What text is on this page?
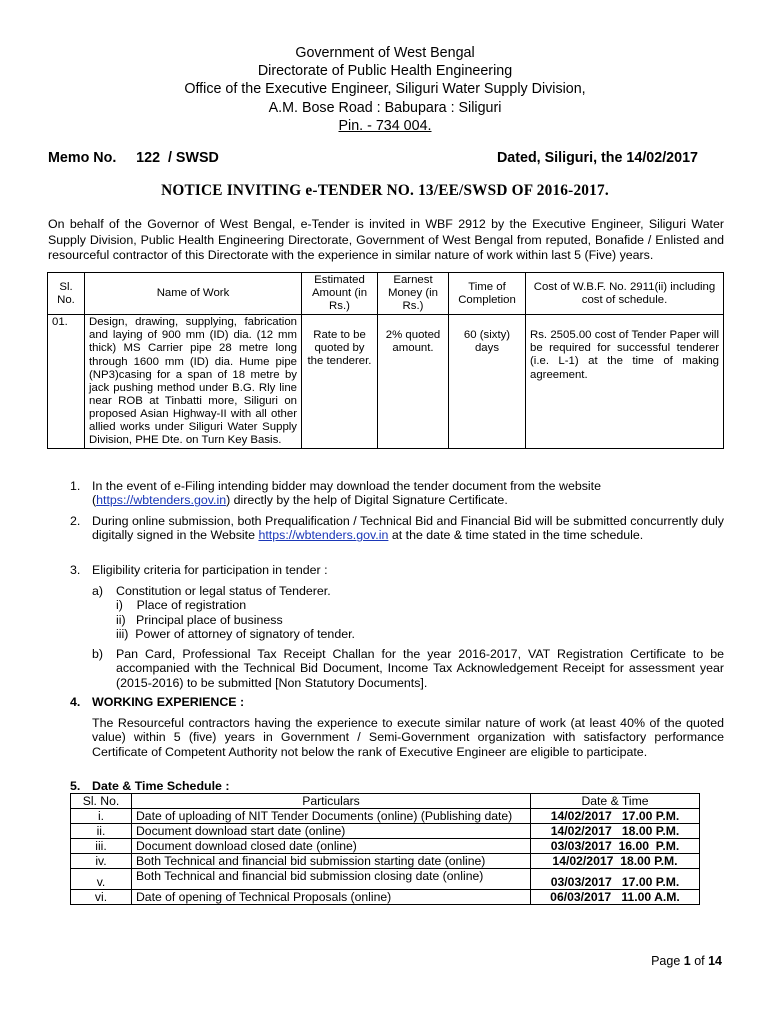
Government of West Bengal
Directorate of Public Health Engineering
Office of the Executive Engineer, Siliguri Water Supply Division,
A.M. Bose Road : Babupara : Siliguri
Pin. - 734 004.
Memo No.     122  / SWSD	Dated, Siliguri, the 14/02/2017
NOTICE INVITING e-TENDER NO. 13/EE/SWSD OF 2016-2017.
On behalf of the Governor of West Bengal, e-Tender is invited in WBF 2912 by the Executive Engineer, Siliguri Water Supply Division, Public Health Engineering Directorate, Government of West Bengal from reputed, Bonafide / Enlisted and resourceful contractor of this Directorate with the experience in similar nature of work within last 5 (Five) years.
Sl. No.	Name of Work	Estimated Amount (in Rs.)	Earnest Money (in Rs.)	Time of Completion	Cost of W.B.F. No. 2911(ii) including cost of schedule.
01.	Design, drawing, supplying, fabrication and laying of 900 mm (ID) dia. (12 mm thick) MS Carrier pipe 28 metre long through 1600 mm (ID) dia. Hume pipe (NP3)casing for a span of 18 metre by jack pushing method under B.G. Rly line near ROB at Tinbatti more, Siliguri on proposed Asian Highway-II with all other allied works under Siliguri Water Supply Division, PHE Dte. on Turn Key Basis.	Rate to be quoted by the tenderer.	2% quoted amount.	60 (sixty) days	Rs. 2505.00 cost of Tender Paper will be required for successful tenderer (i.e. L-1) at the time of making agreement.
1. In the event of e-Filing intending bidder may download the tender document from the website
(https://wbtenders.gov.in) directly by the help of Digital Signature Certificate.
2. During online submission, both Prequalification / Technical Bid and Financial Bid will be submitted concurrently duly digitally signed in the Website https://wbtenders.gov.in at the date & time stated in the time schedule.
3. Eligibility criteria for participation in tender :
a) Constitution or legal status of Tenderer.
i)    Place of registration
ii)   Principal place of business
iii)  Power of attorney of signatory of tender.
b) Pan Card, Professional Tax Receipt Challan for the year 2016-2017, VAT Registration Certificate to be accompanied with the Technical Bid Document, Income Tax Acknowledgement Receipt for assessment year (2015-2016) to be submitted [Non Statutory Documents].
4. WORKING EXPERIENCE :
The Resourceful contractors having the experience to execute similar nature of work (at least 40% of the quoted value) within 5 (five) years in Government / Semi-Government organization with satisfactory performance Certificate of Competent Authority not below the rank of Executive Engineer are eligible to participate.
5. Date & Time Schedule :
Sl. No.	Particulars	Date & Time
i.	Date of uploading of NIT Tender Documents (online) (Publishing date)	14/02/2017   17.00 P.M.
ii.	Document download start date (online)	14/02/2017   18.00 P.M.
iii.	Document download closed date (online)	03/03/2017  16.00  P.M.
iv.	Both Technical and financial bid submission starting date (online)	14/02/2017  18.00 P.M.
v.	Both Technical and financial bid submission closing date (online)	03/03/2017   17.00 P.M.
vi.	Date of opening of Technical Proposals (online)	06/03/2017   11.00 A.M.
Page 1 of 14
